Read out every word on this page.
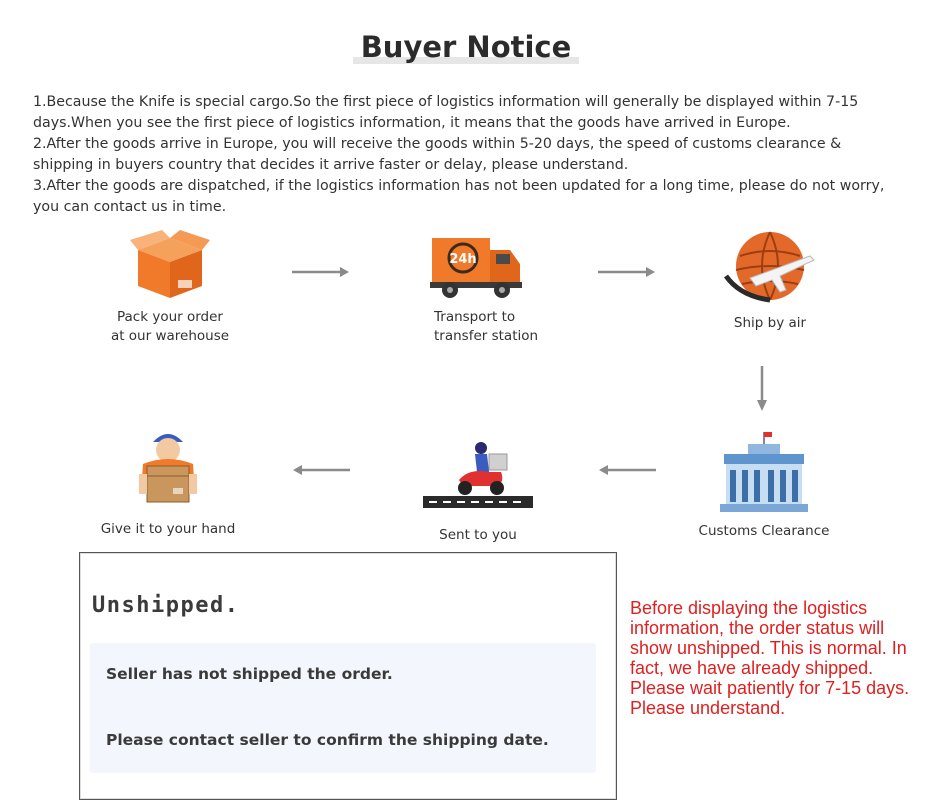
Buyer Notice

1.Because the Knife is special cargo.So the first piece of logistics information will generally be displayed within 7-15 days.When you see the first piece of logistics information, it means that the goods have arrived in Europe.

2.After the goods arrive in Europe, you will receive the goods within 5-20 days, the speed of customs clearance & shipping in buyers country that decides it arrive faster or delay, please understand.

3.After the goods are dispatched, if the logistics information has not been updated for a long time, please do not worry, you can contact us in time.

Pack your order
at our warehouse
24h
Transport to
transfer station
Ship by air
Customs Clearance
Sent to you
Give it to your hand
Unshipped.
Seller has not shipped the order.
Please contact seller to confirm the shipping date.
Before displaying the logistics information, the order status will show unshipped. This is normal. In fact, we have already shipped. Please wait patiently for 7-15 days. Please understand.
